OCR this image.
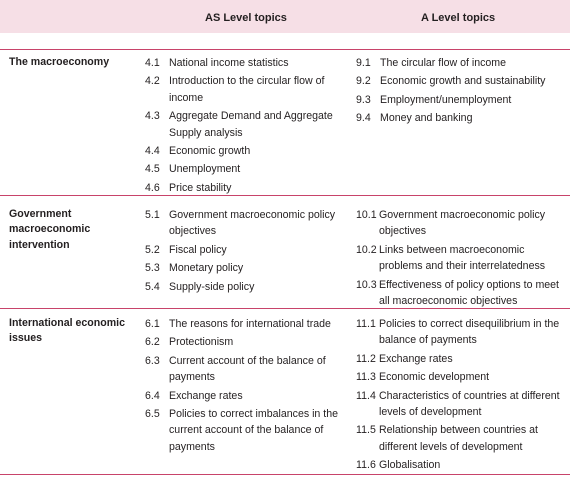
AS Level topics	A Level topics
The macroeconomy	4.1 National income statistics
4.2 Introduction to the circular flow of income
4.3 Aggregate Demand and Aggregate Supply analysis
4.4 Economic growth
4.5 Unemployment
4.6 Price stability
9.1 The circular flow of income
9.2 Economic growth and sustainability
9.3 Employment/unemployment
9.4 Money and banking
Government macroeconomic intervention
5.1 Government macroeconomic policy objectives
5.2 Fiscal policy
5.3 Monetary policy
5.4 Supply-side policy
10.1 Government macroeconomic policy objectives
10.2 Links between macroeconomic problems and their interrelatedness
10.3 Effectiveness of policy options to meet all macroeconomic objectives
International economic issues
6.1 The reasons for international trade
6.2 Protectionism
6.3 Current account of the balance of payments
6.4 Exchange rates
6.5 Policies to correct imbalances in the current account of the balance of payments
11.1 Policies to correct disequilibrium in the balance of payments
11.2 Exchange rates
11.3 Economic development
11.4 Characteristics of countries at different levels of development
11.5 Relationship between countries at different levels of development
11.6 Globalisation
